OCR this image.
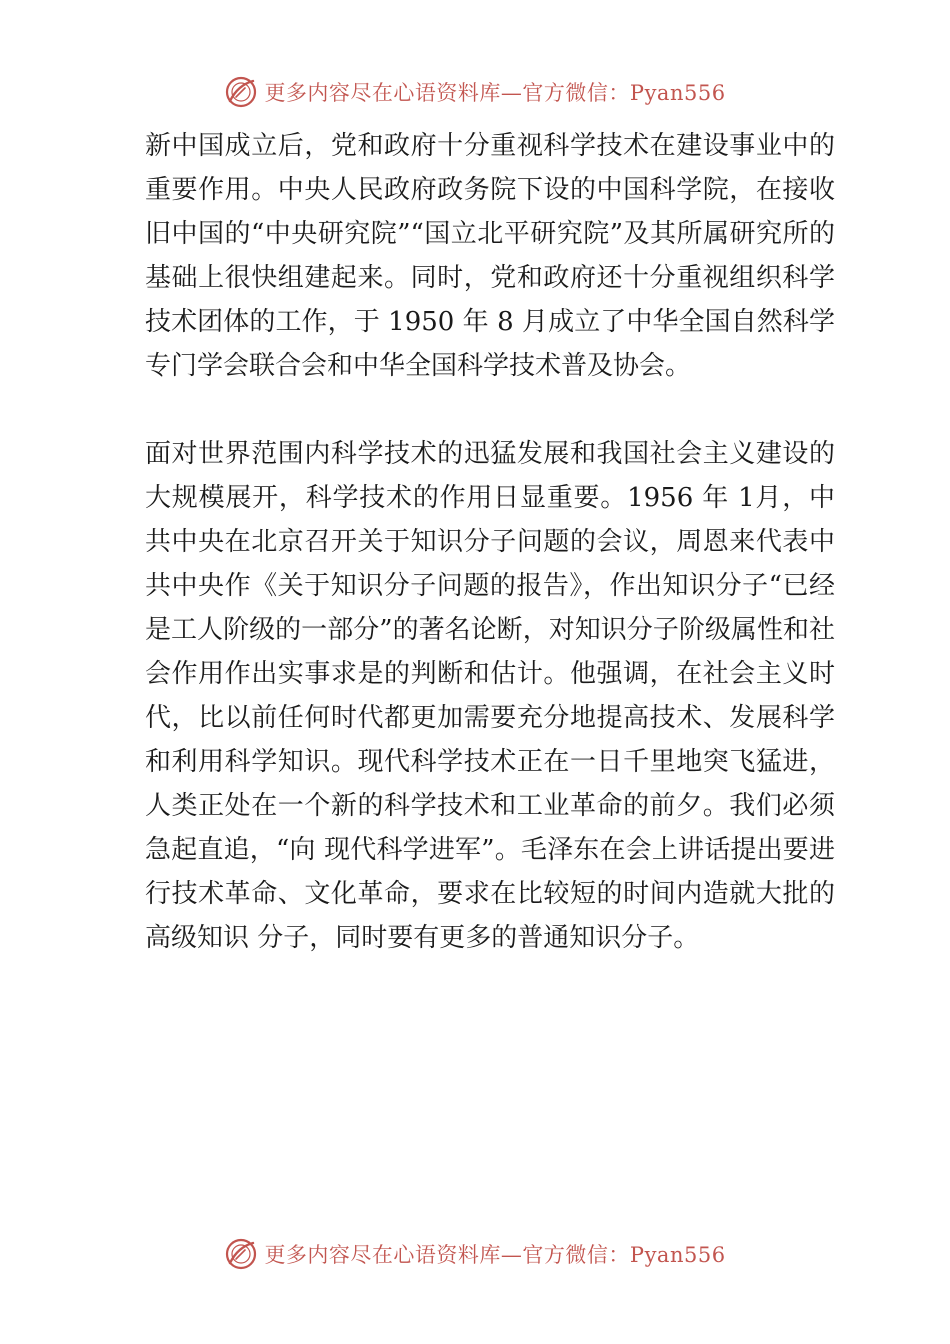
更多内容尽在心语资料库—官方微信：Pyan556

新中国成立后，党和政府十分重视科学技术在建设事业中的重要作用。中央人民政府政务院下设的中国科学院，在接收旧中国的“中央研究院”“国立北平研究院”及其所属研究所的基础上很快组建起来。同时，党和政府还十分重视组织科学技术团体的工作，于 1950 年 8 月成立了中华全国自然科学专门学会联合会和中华全国科学技术普及协会。

面对世界范围内科学技术的迅猛发展和我国社会主义建设的大规模展开，科学技术的作用日显重要。1956 年 1月，中共中央在北京召开关于知识分子问题的会议，周恩来代表中共中央作《关于知识分子问题的报告》，作出知识分子“已经是工人阶级的一部分”的著名论断，对知识分子阶级属性和社会作用作出实事求是的判断和估计。他强调，在社会主义时代，比以前任何时代都更加需要充分地提高技术、发展科学和利用科学知识。现代科学技术正在一日千里地突飞猛进，人类正处在一个新的科学技术和工业革命的前夕。我们必须急起直追，“向 现代科学进军”。毛泽东在会上讲话提出要进行技术革命、文化革命，要求在比较短的时间内造就大批的高级知识 分子，同时要有更多的普通知识分子。

更多内容尽在心语资料库—官方微信：Pyan556
